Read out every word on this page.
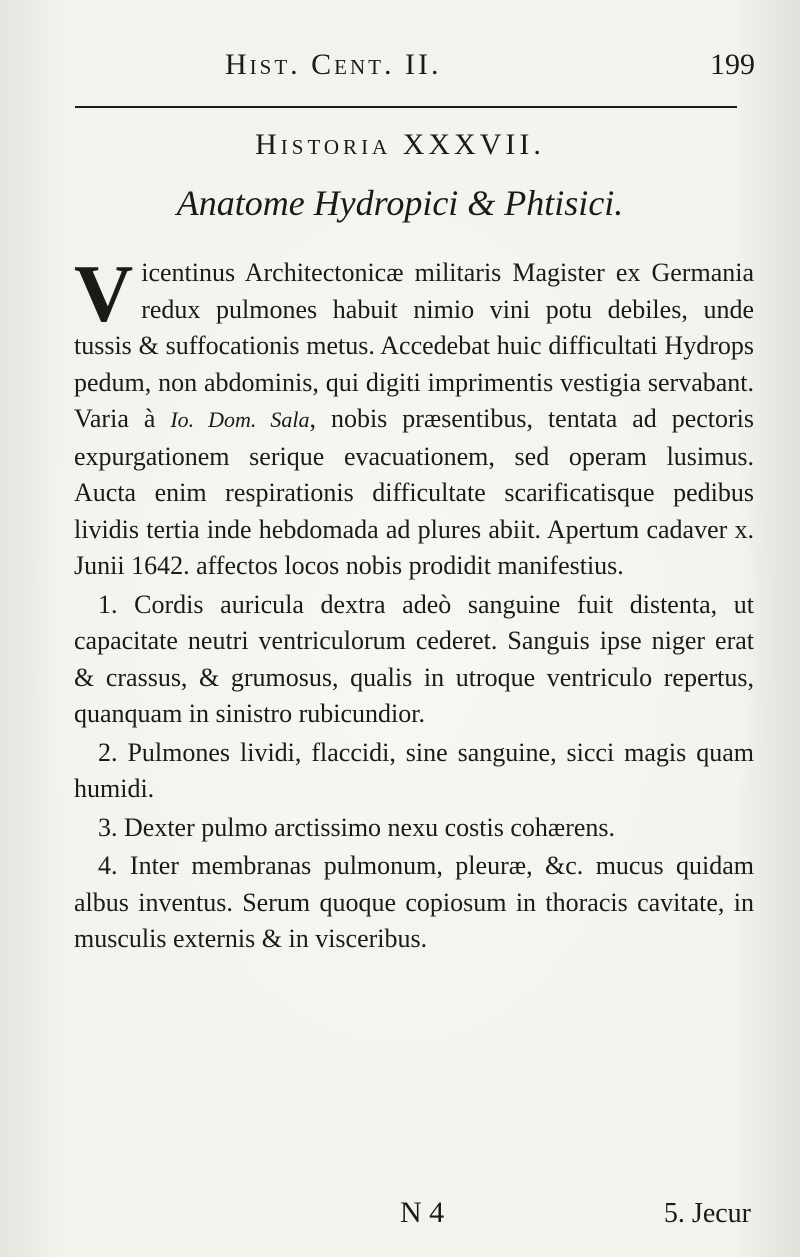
Hist. Cent. II.	199
Historia XXXVII.
Anatome Hydropici & Phtisici.

Vicentinus Architectonicæ militaris Magister ex Germania redux pulmones habuit nimio vini potu debiles, unde tussis & suffocationis metus. Accedebat huic difficultati Hydrops pedum, non abdominis, qui digiti imprimentis vestigia servabant. Varia à Io. Dom. Sala, nobis præsentibus, tentata ad pectoris expurgationem serique evacuationem, sed operam lusimus. Aucta enim respirationis difficultate scarificatisque pedibus lividis tertia inde hebdomada ad plures abiit. Apertum cadaver x. Junii 1642. affectos locos nobis prodidit manifestius.

1. Cordis auricula dextra adeò sanguine fuit distenta, ut capacitate neutri ventriculorum cederet. Sanguis ipse niger erat & crassus, & grumosus, qualis in utroque ventriculo repertus, quanquam in sinistro rubicundior.

2. Pulmones lividi, flaccidi, sine sanguine, sicci magis quam humidi.

3. Dexter pulmo arctissimo nexu costis cohærens.

4. Inter membranas pulmonum, pleuræ, &c. mucus quidam albus inventus. Serum quoque copiosum in thoracis cavitate, in musculis externis & in visceribus.

N 4	5. Jecur
